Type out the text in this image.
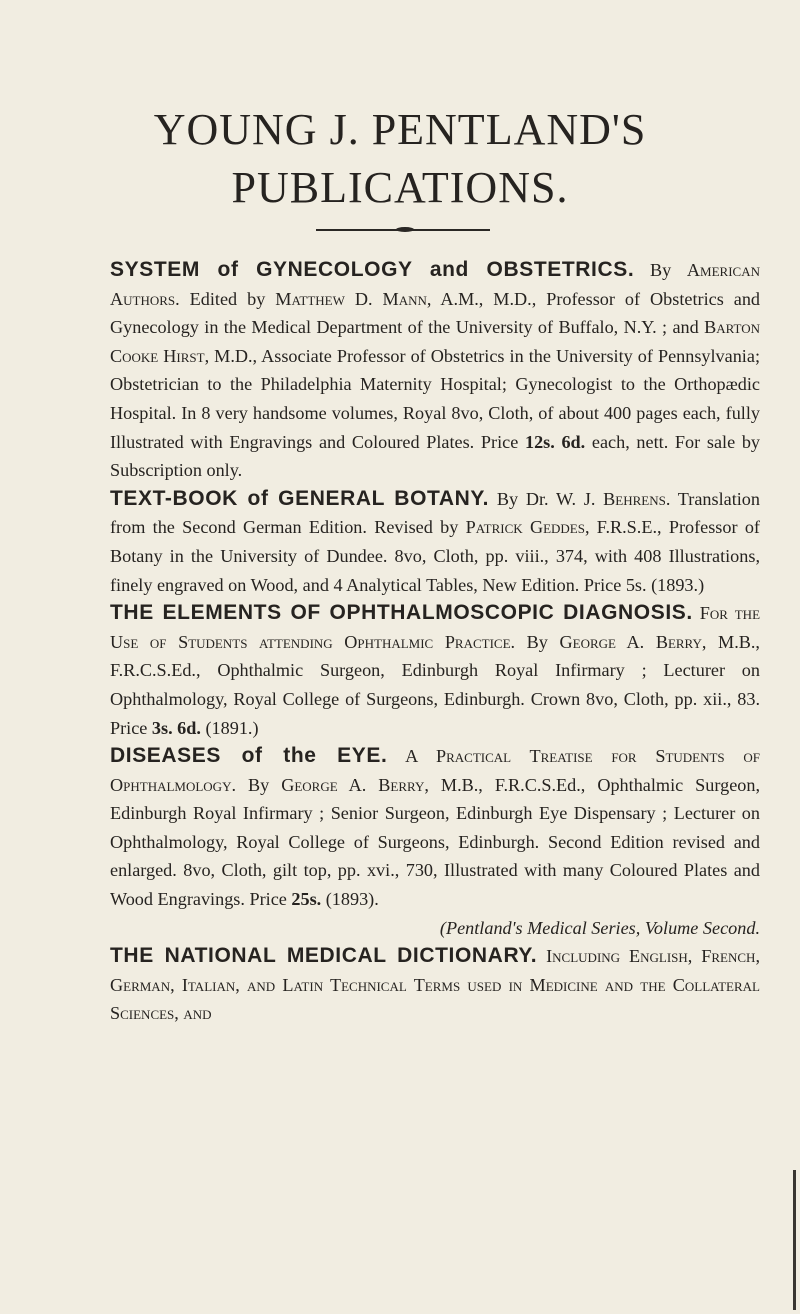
YOUNG J. PENTLAND'S
PUBLICATIONS.

SYSTEM of GYNECOLOGY and OBSTETRICS. By American Authors. Edited by Matthew D. Mann, A.M., M.D., Professor of Obstetrics and Gynecology in the Medical Department of the University of Buffalo, N.Y. ; and Barton Cooke Hirst, M.D., Associate Professor of Obstetrics in the University of Pennsylvania; Obstetrician to the Philadelphia Maternity Hospital; Gynecologist to the Orthopædic Hospital. In 8 very handsome volumes, Royal 8vo, Cloth, of about 400 pages each, fully Illustrated with Engravings and Coloured Plates. Price 12s. 6d. each, nett. For sale by Subscription only.

TEXT-BOOK of GENERAL BOTANY. By Dr. W. J. Behrens. Translation from the Second German Edition. Revised by Patrick Geddes, F.R.S.E., Professor of Botany in the University of Dundee. 8vo, Cloth, pp. viii., 374, with 408 Illustrations, finely engraved on Wood, and 4 Analytical Tables, New Edition. Price 5s. (1893.)

THE ELEMENTS OF OPHTHALMOSCOPIC DIAGNOSIS. For the Use of Students attending Ophthalmic Practice. By George A. Berry, M.B., F.R.C.S.Ed., Ophthalmic Surgeon, Edinburgh Royal Infirmary ; Lecturer on Ophthalmology, Royal College of Surgeons, Edinburgh. Crown 8vo, Cloth, pp. xii., 83. Price 3s. 6d. (1891.)

DISEASES of the EYE. A Practical Treatise for Students of Ophthalmology. By George A. Berry, M.B., F.R.C.S.Ed., Ophthalmic Surgeon, Edinburgh Royal Infirmary ; Senior Surgeon, Edinburgh Eye Dispensary ; Lecturer on Ophthalmology, Royal College of Surgeons, Edinburgh. Second Edition revised and enlarged. 8vo, Cloth, gilt top, pp. xvi., 730, Illustrated with many Coloured Plates and Wood Engravings. Price 25s. (1893).
(Pentland's Medical Series, Volume Second.

THE NATIONAL MEDICAL DICTIONARY. Including English, French, German, Italian, and Latin Technical Terms used in Medicine and the Collateral Sciences, and
